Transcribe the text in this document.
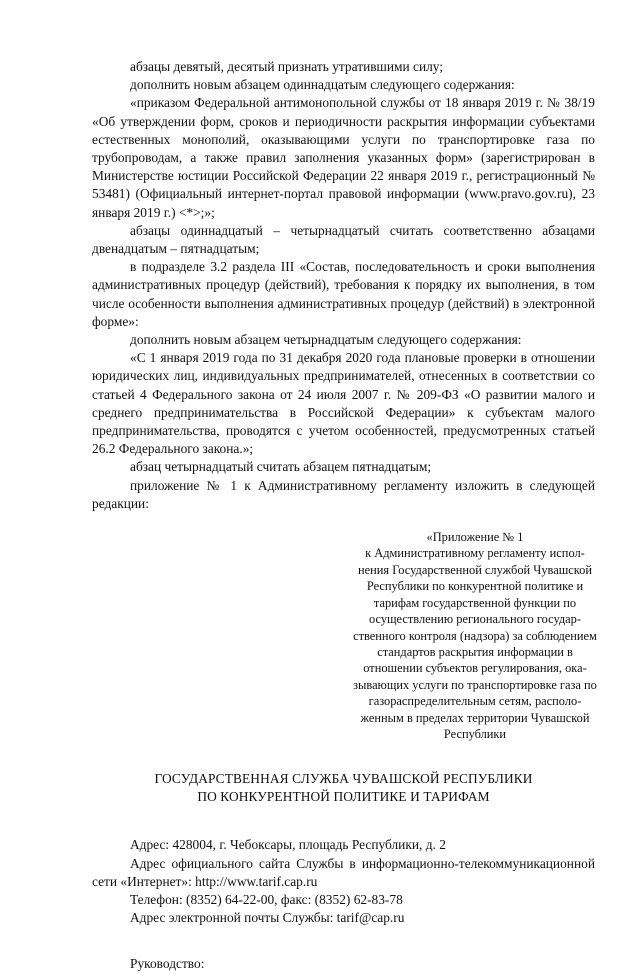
абзацы девятый, десятый признать утратившими силу;

дополнить новым абзацем одиннадцатым следующего содержания:

«приказом Федеральной антимонопольной службы от 18 января 2019 г. № 38/19 «Об утверждении форм, сроков и периодичности раскрытия информации субъектами естественных монополий, оказывающими услуги по транспортировке газа по трубопроводам, а также правил заполнения указанных форм» (зарегистрирован в Министерстве юстиции Российской Федерации 22 января 2019 г., регистрационный № 53481) (Официальный интернет-портал правовой информации (www.pravo.gov.ru), 23 января 2019 г.) <*>;»;

абзацы одиннадцатый – четырнадцатый считать соответственно абзацами двенадцатым – пятнадцатым;

в подразделе 3.2 раздела III «Состав, последовательность и сроки выполнения административных процедур (действий), требования к порядку их выполнения, в том числе особенности выполнения административных процедур (действий) в электронной форме»:

дополнить новым абзацем четырнадцатым следующего содержания:

«С 1 января 2019 года по 31 декабря 2020 года плановые проверки в отношении юридических лиц, индивидуальных предпринимателей, отнесенных в соответствии со статьей 4 Федерального закона от 24 июля 2007 г. № 209-ФЗ «О развитии малого и среднего предпринимательства в Российской Федерации» к субъектам малого предпринимательства, проводятся с учетом особенностей, предусмотренных статьей 26.2 Федерального закона.»;

абзац четырнадцатый считать абзацем пятнадцатым;

приложение № 1 к Административному регламенту изложить в следующей редакции:

«Приложение № 1
к Административному регламенту исполнения Государственной службой Чувашской Республики по конкурентной политике и тарифам государственной функции по осуществлению регионального государственного контроля (надзора) за соблюдением стандартов раскрытия информации в отношении субъектов регулирования, оказывающих услуги по транспортировке газа по газораспределительным сетям, расположенным в пределах территории Чувашской Республики
ГОСУДАРСТВЕННАЯ СЛУЖБА ЧУВАШСКОЙ РЕСПУБЛИКИ
ПО КОНКУРЕНТНОЙ ПОЛИТИКЕ И ТАРИФАМ

Адрес: 428004, г. Чебоксары, площадь Республики, д. 2

Адрес официального сайта Службы в информационно-телекоммуникационной сети «Интернет»: http://www.tarif.cap.ru

Телефон: (8352) 64-22-00, факс: (8352) 62-83-78

Адрес электронной почты Службы: tarif@cap.ru

Руководство:
